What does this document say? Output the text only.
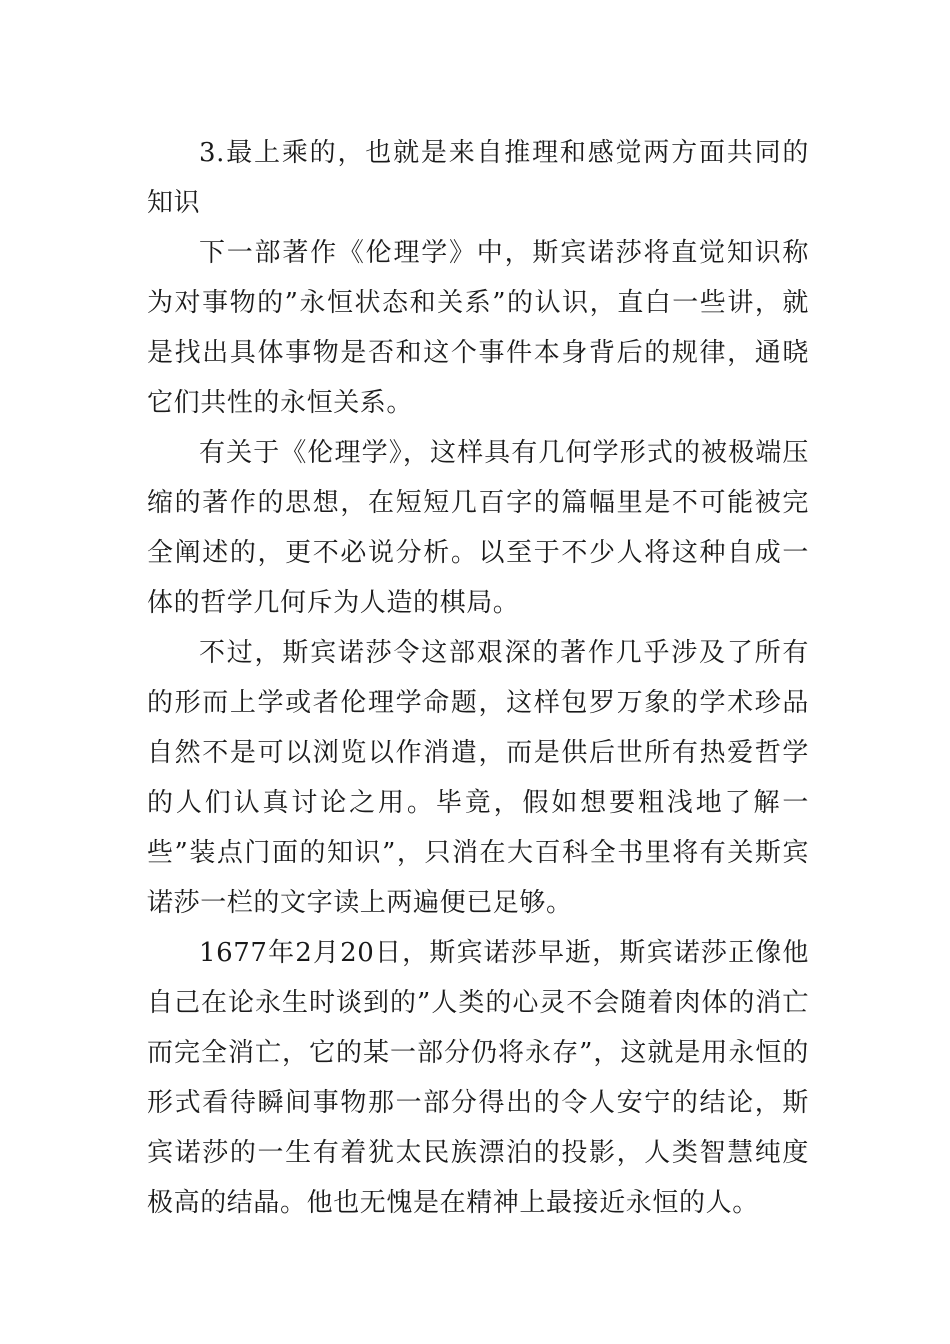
3.最上乘的，也就是来自推理和感觉两方面共同的知识

下一部著作《伦理学》中，斯宾诺莎将直觉知识称为对事物的”永恒状态和关系”的认识，直白一些讲，就是找出具体事物是否和这个事件本身背后的规律，通晓它们共性的永恒关系。

有关于《伦理学》，这样具有几何学形式的被极端压缩的著作的思想，在短短几百字的篇幅里是不可能被完全阐述的，更不必说分析。以至于不少人将这种自成一体的哲学几何斥为人造的棋局。

不过，斯宾诺莎令这部艰深的著作几乎涉及了所有的形而上学或者伦理学命题，这样包罗万象的学术珍品自然不是可以浏览以作消遣，而是供后世所有热爱哲学的人们认真讨论之用。毕竟，假如想要粗浅地了解一些”装点门面的知识”，只消在大百科全书里将有关斯宾诺莎一栏的文字读上两遍便已足够。

1677年2月20日，斯宾诺莎早逝，斯宾诺莎正像他自己在论永生时谈到的”人类的心灵不会随着肉体的消亡而完全消亡，它的某一部分仍将永存”，这就是用永恒的形式看待瞬间事物那一部分得出的令人安宁的结论，斯宾诺莎的一生有着犹太民族漂泊的投影，人类智慧纯度极高的结晶。他也无愧是在精神上最接近永恒的人。
